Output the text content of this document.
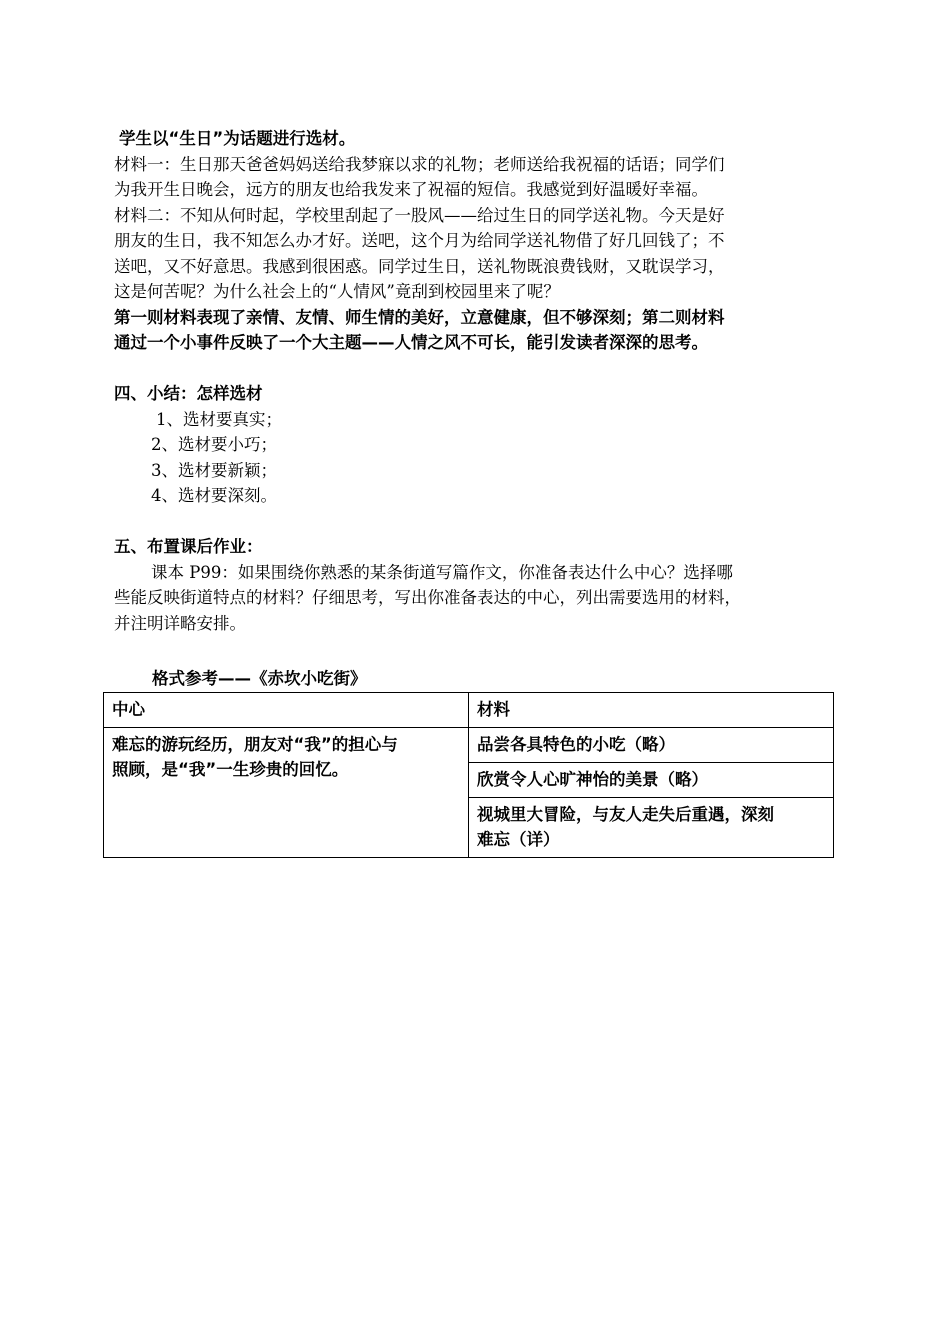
学生以“生日”为话题进行选材。
材料一：生日那天爸爸妈妈送给我梦寐以求的礼物；老师送给我祝福的话语；同学们
为我开生日晚会，远方的朋友也给我发来了祝福的短信。我感觉到好温暖好幸福。
材料二：不知从何时起，学校里刮起了一股风——给过生日的同学送礼物。今天是好
朋友的生日，我不知怎么办才好。送吧，这个月为给同学送礼物借了好几回钱了；不
送吧，又不好意思。我感到很困惑。同学过生日，送礼物既浪费钱财，又耽误学习，
这是何苦呢？为什么社会上的“人情风”竟刮到校园里来了呢？
第一则材料表现了亲情、友情、师生情的美好，立意健康，但不够深刻；第二则材料
通过一个小事件反映了一个大主题——人情之风不可长，能引发读者深深的思考。
四、小结：怎样选材
1、选材要真实；
2、选材要小巧；
3、选材要新颖；
4、选材要深刻。
五、布置课后作业：
课本 P99：如果围绕你熟悉的某条街道写篇作文，你准备表达什么中心？选择哪
些能反映街道特点的材料？仔细思考，写出你准备表达的中心，列出需要选用的材料，
并注明详略安排。
格式参考——《赤坎小吃街》
中心	材料

难忘的游玩经历，朋友对“我”的担心与
照顾，是“我”一生珍贵的回忆。	品尝各具特色的小吃（略）

	欣赏令人心旷神怡的美景（略）

	视城里大冒险，与友人走失后重遇，深刻
难忘（详）
